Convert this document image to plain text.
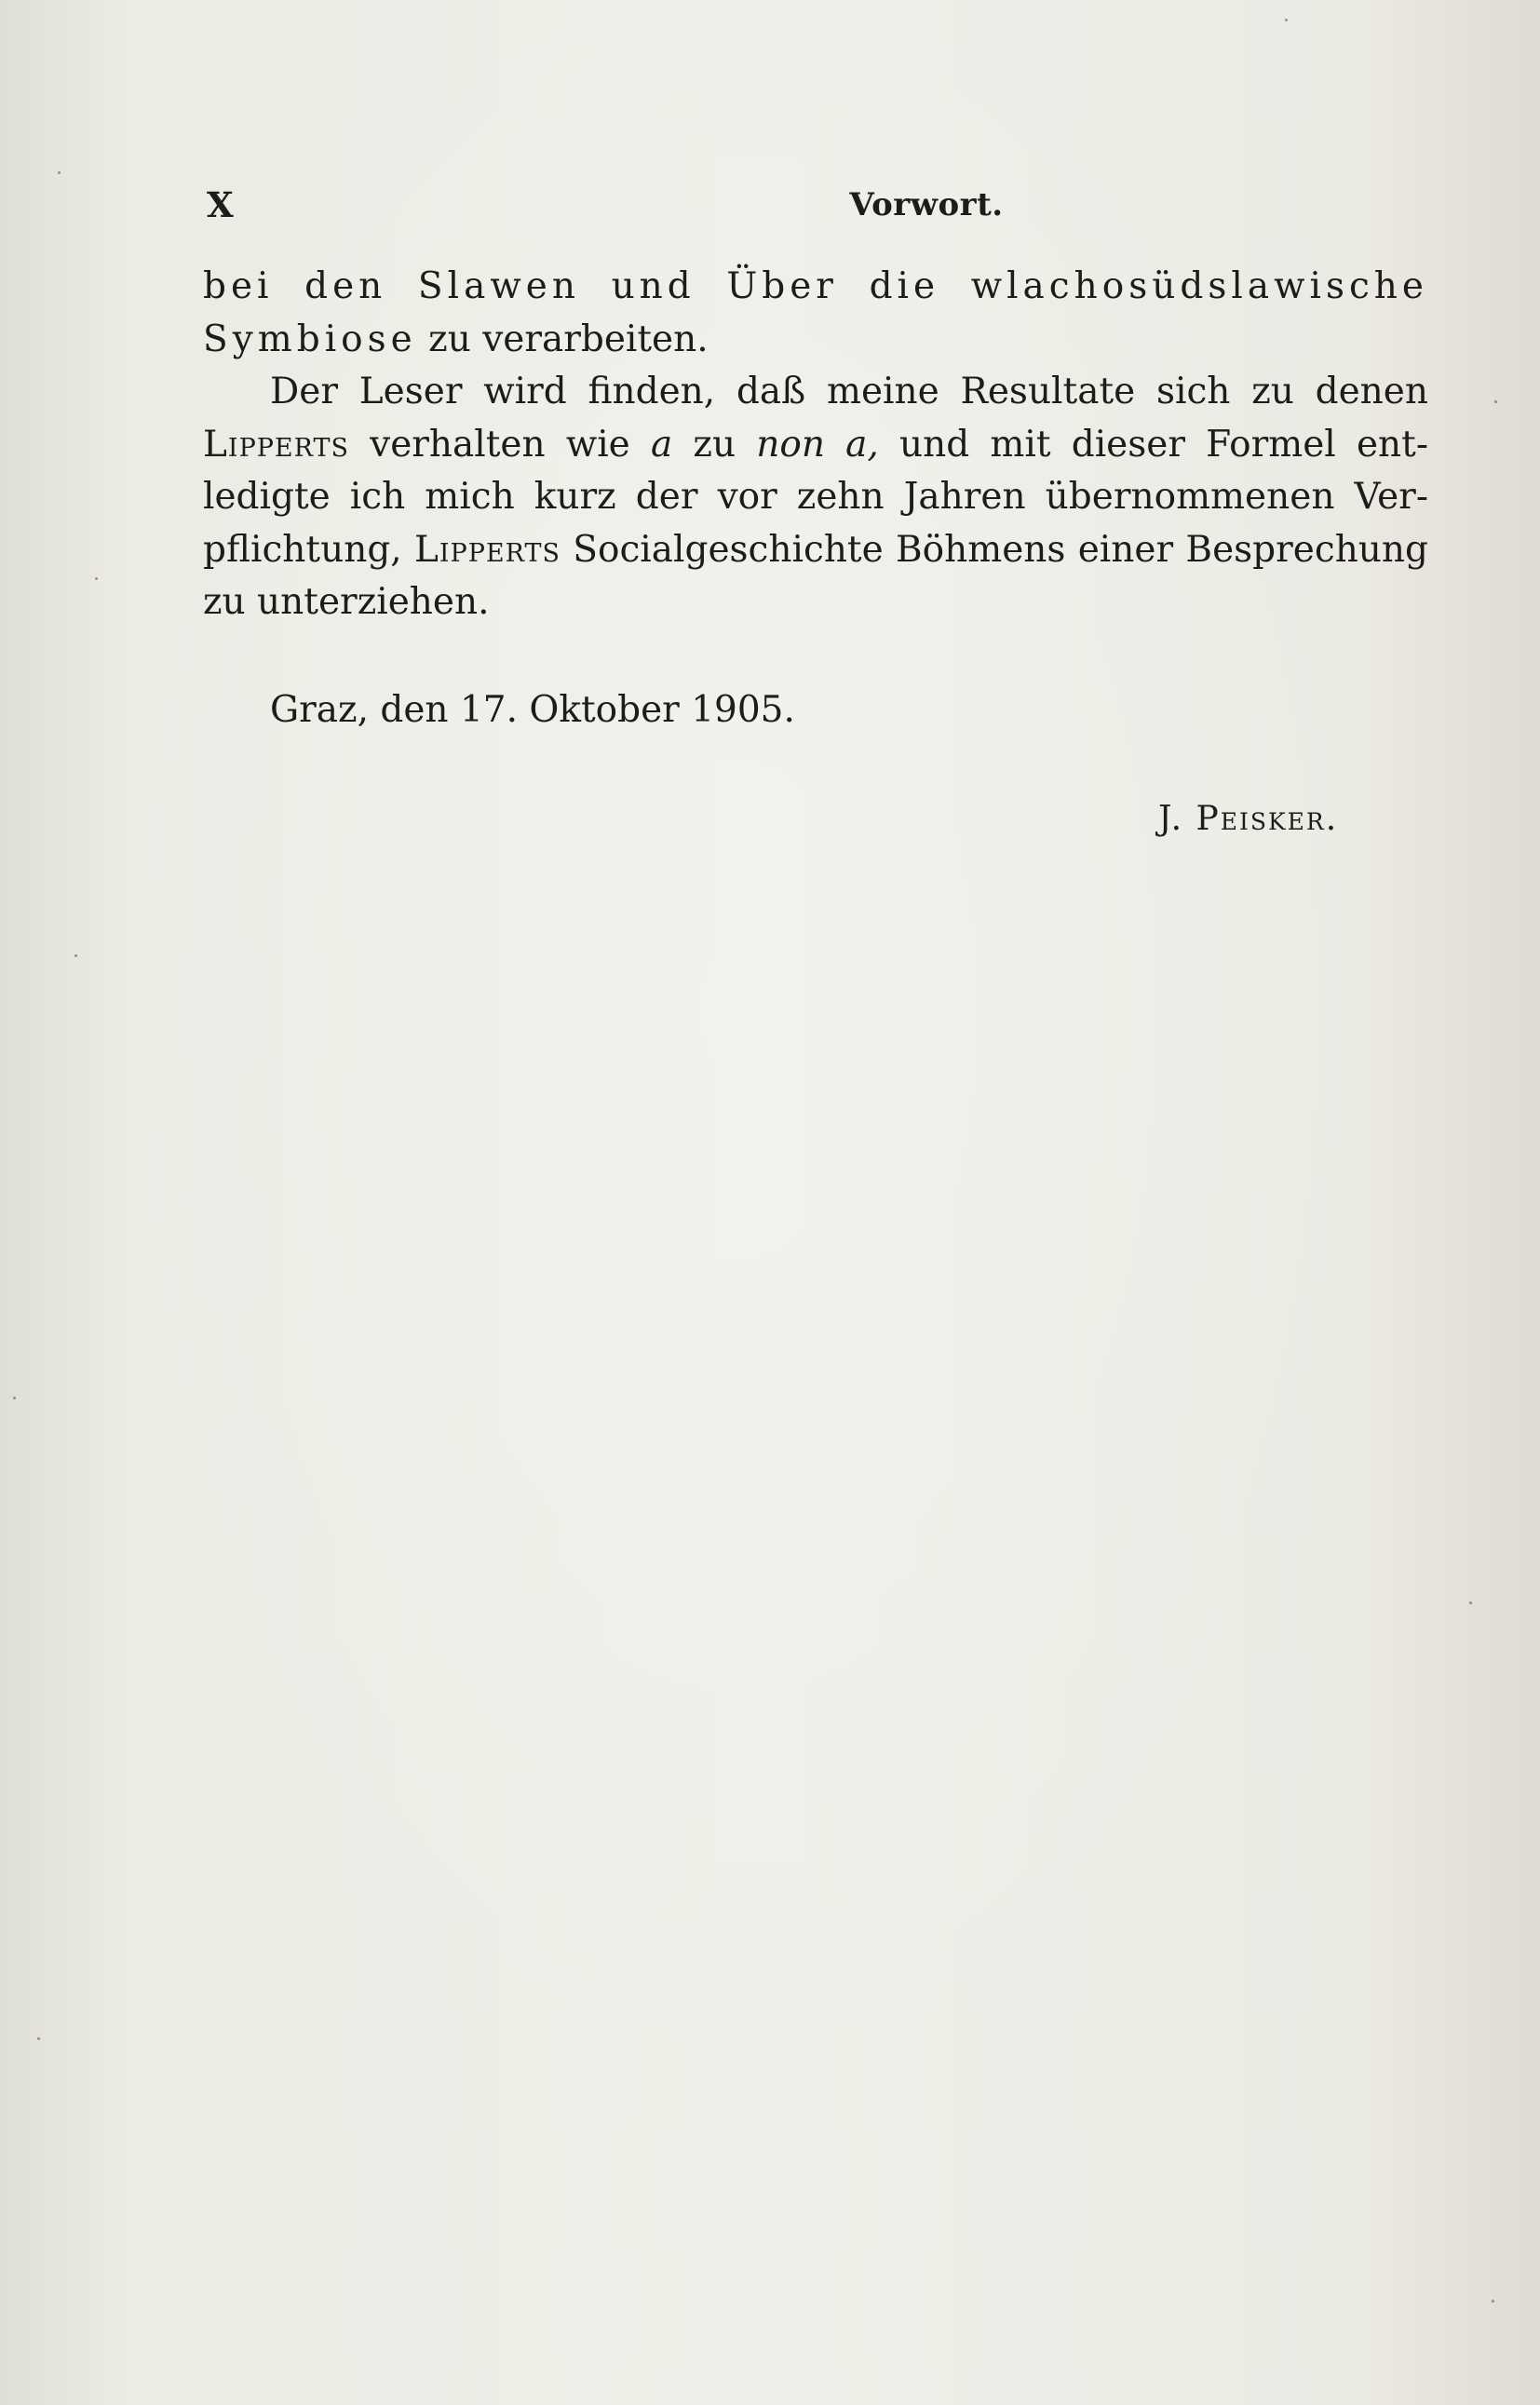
X	Vorwort.
bei den Slawen und Über die wlachosüdslawische
Symbiose zu verarbeiten.
Der Leser wird finden, daß meine Resultate sich zu denen
Lipperts verhalten wie a zu non a, und mit dieser Formel ent-
ledigte ich mich kurz der vor zehn Jahren übernommenen Ver-
pflichtung, Lipperts Socialgeschichte Böhmens einer Besprechung
zu unterziehen.
Graz, den 17. Oktober 1905.
J. Peisker.
